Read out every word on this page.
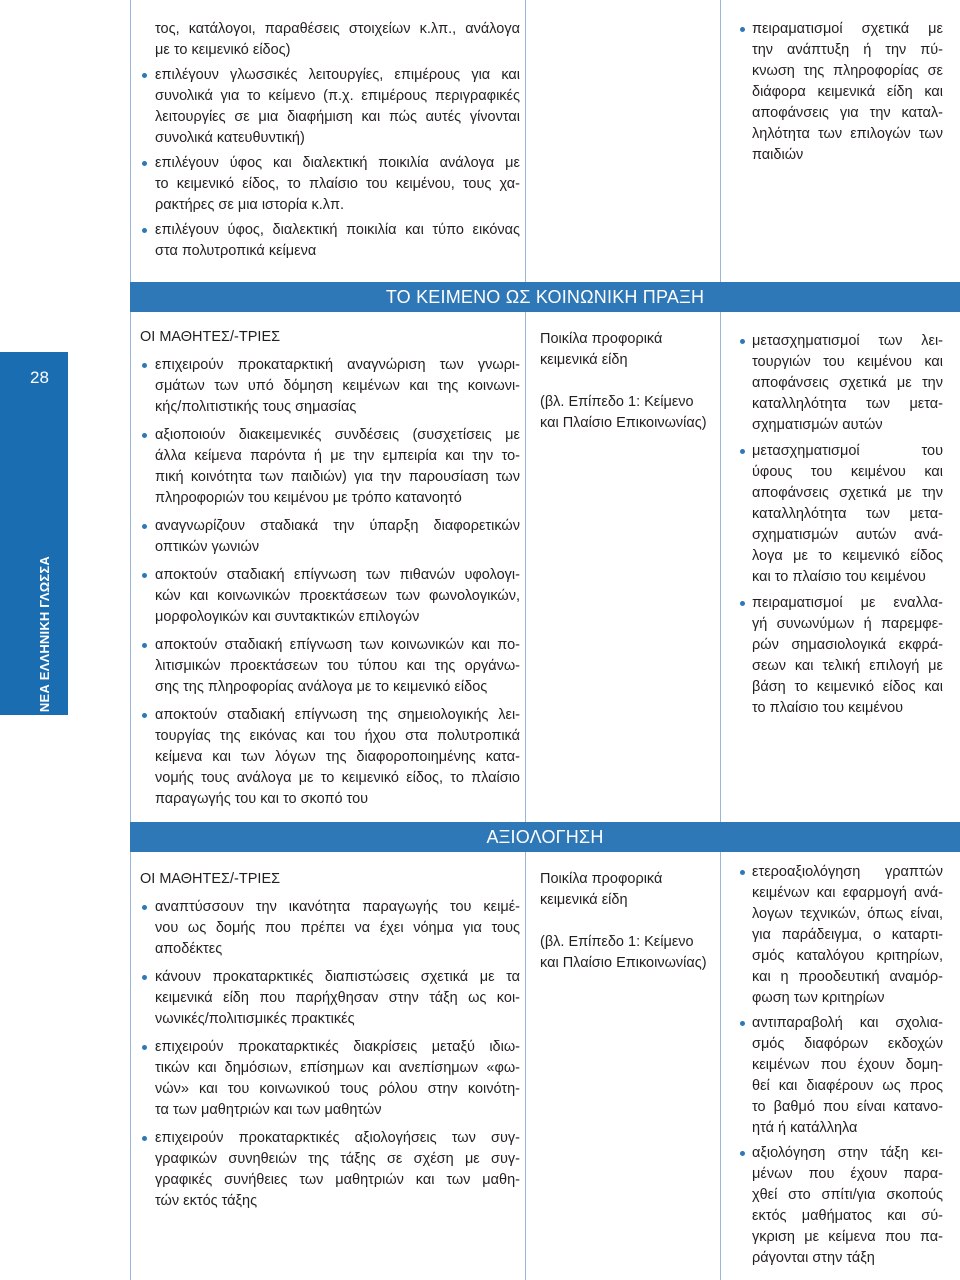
28
ΝΕΑ ΕΛΛΗΝΙΚΗ ΓΛΩΣΣΑ
ΤΟ ΚΕΙΜΕΝΟ ΩΣ ΚΟΙΝΩΝΙΚΗ ΠΡΑΞΗ
ΑΞΙΟΛΟΓΗΣΗ
τος, κατάλογοι, παραθέσεις στοιχείων κ.λπ., ανάλογα
με το κειμενικό είδος)
επιλέγουν γλωσσικές λειτουργίες, επιμέρους για και
συνολικά για το κείμενο (π.χ. επιμέρους περιγραφικές
λειτουργίες σε μια διαφήμιση και πώς αυτές γίνονται
συνολικά κατευθυντική)
επιλέγουν ύφος και διαλεκτική ποικιλία ανάλογα με
το κειμενικό είδος, το πλαίσιο του κειμένου, τους χα-
ρακτήρες σε μια ιστορία κ.λπ.
επιλέγουν ύφος, διαλεκτική ποικιλία και τύπο εικόνας
στα πολυτροπικά κείμενα
πειραματισμοί σχετικά με
την ανάπτυξη ή την πύ-
κνωση της πληροφορίας σε
διάφορα κειμενικά είδη και
αποφάνσεις για την καταλ-
ληλότητα των επιλογών των
παιδιών
ΟΙ ΜΑΘΗΤΕΣ/-ΤΡΙΕΣ
επιχειρούν προκαταρκτική αναγνώριση των γνωρι-
σμάτων των υπό δόμηση κειμένων και της κοινωνι-
κής/πολιτιστικής τους σημασίας
αξιοποιούν διακειμενικές συνδέσεις (συσχετίσεις με
άλλα κείμενα παρόντα ή με την εμπειρία και την το-
πική κοινότητα των παιδιών) για την παρουσίαση των
πληροφοριών του κειμένου με τρόπο κατανοητό
αναγνωρίζουν σταδιακά την ύπαρξη διαφορετικών
οπτικών γωνιών
αποκτούν σταδιακή επίγνωση των πιθανών υφολογι-
κών και κοινωνικών προεκτάσεων των φωνολογικών,
μορφολογικών και συντακτικών επιλογών
αποκτούν σταδιακή επίγνωση των κοινωνικών και πο-
λιτισμικών προεκτάσεων του τύπου και της οργάνω-
σης της πληροφορίας ανάλογα με το κειμενικό είδος
αποκτούν σταδιακή επίγνωση της σημειολογικής λει-
τουργίας της εικόνας και του ήχου στα πολυτροπικά
κείμενα και των λόγων της διαφοροποιημένης κατα-
νομής τους ανάλογα με το κειμενικό είδος, το πλαίσιο
παραγωγής του και το σκοπό του
Ποικίλα προφορικά
κειμενικά είδη
(βλ. Επίπεδο 1: Κείμενο
και Πλαίσιο Επικοινωνίας)
μετασχηματισμοί των λει-
τουργιών του κειμένου και
αποφάνσεις σχετικά με την
καταλληλότητα των μετα-
σχηματισμών αυτών
μετασχηματισμοί του
ύφους του κειμένου και
αποφάνσεις σχετικά με την
καταλληλότητα των μετα-
σχηματισμών αυτών ανά-
λογα με το κειμενικό είδος
και το πλαίσιο του κειμένου
πειραματισμοί με εναλλα-
γή συνωνύμων ή παρεμφε-
ρών σημασιολογικά εκφρά-
σεων και τελική επιλογή με
βάση το κειμενικό είδος και
το πλαίσιο του κειμένου
ΟΙ ΜΑΘΗΤΕΣ/-ΤΡΙΕΣ
αναπτύσσουν την ικανότητα παραγωγής του κειμέ-
νου ως δομής που πρέπει να έχει νόημα για τους
αποδέκτες
κάνουν προκαταρκτικές διαπιστώσεις σχετικά με τα
κειμενικά είδη που παρήχθησαν στην τάξη ως κοι-
νωνικές/πολιτισμικές πρακτικές
επιχειρούν προκαταρκτικές διακρίσεις μεταξύ ιδιω-
τικών και δημόσιων, επίσημων και ανεπίσημων «φω-
νών» και του κοινωνικού τους ρόλου στην κοινότη-
τα των μαθητριών και των μαθητών
επιχειρούν προκαταρκτικές αξιολογήσεις των συγ-
γραφικών συνηθειών της τάξης σε σχέση με συγ-
γραφικές συνήθειες των μαθητριών και των μαθη-
τών εκτός τάξης
Ποικίλα προφορικά
κειμενικά είδη
(βλ. Επίπεδο 1: Κείμενο
και Πλαίσιο Επικοινωνίας)
ετεροαξιολόγηση γραπτών
κειμένων και εφαρμογή ανά-
λογων τεχνικών, όπως είναι,
για παράδειγμα, ο καταρτι-
σμός καταλόγου κριτηρίων,
και η προοδευτική αναμόρ-
φωση των κριτηρίων
αντιπαραβολή και σχολια-
σμός διαφόρων εκδοχών
κειμένων που έχουν δομη-
θεί και διαφέρουν ως προς
το βαθμό που είναι κατανο-
ητά ή κατάλληλα
αξιολόγηση στην τάξη κει-
μένων που έχουν παρα-
χθεί στο σπίτι/για σκοπούς
εκτός μαθήματος και σύ-
γκριση με κείμενα που πα-
ράγονται στην τάξη
